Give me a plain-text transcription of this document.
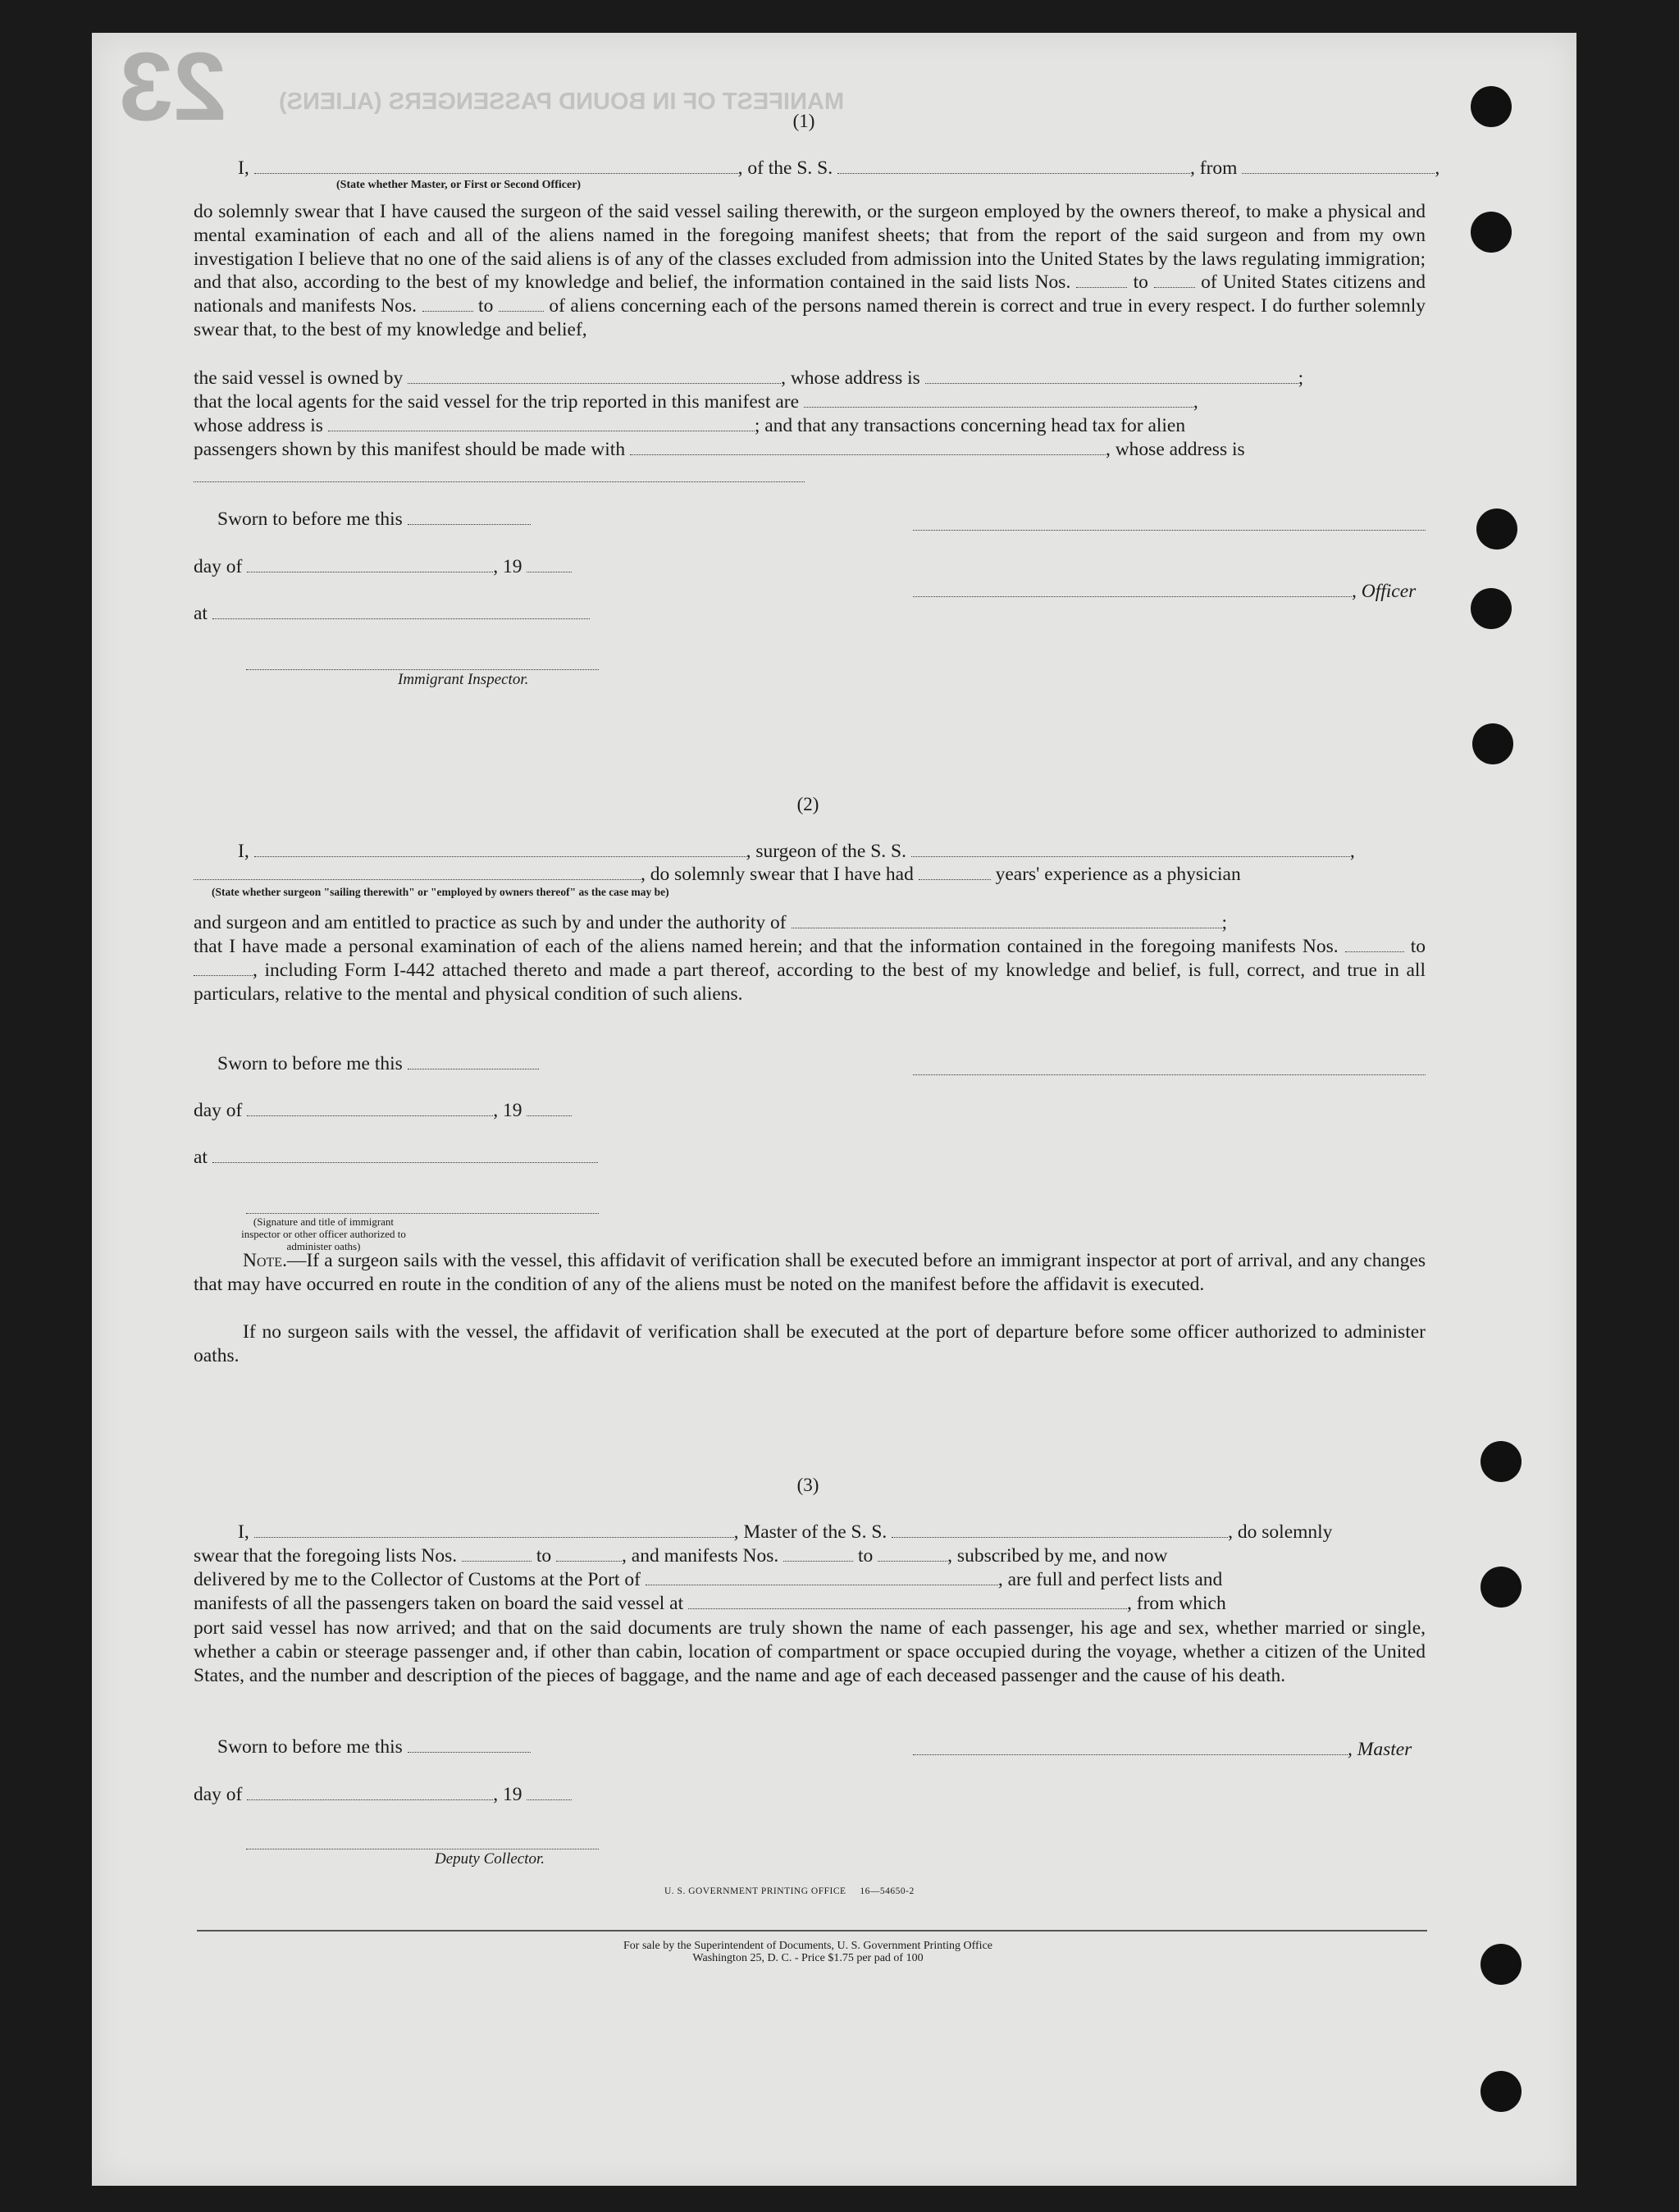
23 MANIFEST OF IN BOUND PASSENGERS (ALIENS)
(1)
I,	, of the S. S.	, from	,
(State whether Master, or First or Second Officer)
do solemnly swear that I have caused the surgeon of the said vessel sailing therewith, or the surgeon employed by the owners thereof, to make a physical and mental examination of each and all of the aliens named in the foregoing manifest sheets; that from the report of the said surgeon and from my own investigation I believe that no one of the said aliens is of any of the classes excluded from admission into the United States by the laws regulating immigration; and that also, according to the best of my knowledge and belief, the information contained in the said lists Nos.	to	of United States citizens and nationals and manifests Nos.	to	of aliens concerning each of the persons named therein is correct and true in every respect. I do further solemnly swear that, to the best of my knowledge and belief,
the said vessel is owned by	, whose address is	;
that the local agents for the said vessel for the trip reported in this manifest are	,
whose address is	; and that any transactions concerning head tax for alien
passengers shown by this manifest should be made with	, whose address is
Sworn to before me this
day of	, 19
, Officer
at
Immigrant Inspector.
(2)
I,	, surgeon of the S. S.	,
, do solemnly swear that I have had	years' experience as a physician
(State whether surgeon "sailing therewith" or "employed by owners thereof" as the case may be)
and surgeon and am entitled to practice as such by and under the authority of	;
that I have made a personal examination of each of the aliens named herein; and that the information contained in the foregoing manifests Nos.	to , including Form I-442 attached thereto and made a part thereof, according to the best of my knowledge and belief, is full, correct, and true in all particulars, relative to the mental and physical condition of such aliens.
Sworn to before me this
day of	, 19
at
(Signature and title of immigrant inspector or other officer authorized to administer oaths)
Note.—If a surgeon sails with the vessel, this affidavit of verification shall be executed before an immigrant inspector at port of arrival, and any changes that may have occurred en route in the condition of any of the aliens must be noted on the manifest before the affidavit is executed.
If no surgeon sails with the vessel, the affidavit of verification shall be executed at the port of departure before some officer authorized to administer oaths.
(3)
I,	, Master of the S. S.	, do solemnly
swear that the foregoing lists Nos.	to	, and manifests Nos.	to	, subscribed by me, and now
delivered by me to the Collector of Customs at the Port of	, are full and perfect lists and
manifests of all the passengers taken on board the said vessel at	, from which
port said vessel has now arrived; and that on the said documents are truly shown the name of each passenger, his age and sex, whether married or single, whether a cabin or steerage passenger and, if other than cabin, location of compartment or space occupied during the voyage, whether a citizen of the United States, and the number and description of the pieces of baggage, and the name and age of each deceased passenger and the cause of his death.
Sworn to before me this	, Master
day of	, 19
Deputy Collector.
U. S. GOVERNMENT PRINTING OFFICE     16—54650-2
For sale by the Superintendent of Documents, U. S. Government Printing Office
Washington 25, D. C. - Price $1.75 per pad of 100
